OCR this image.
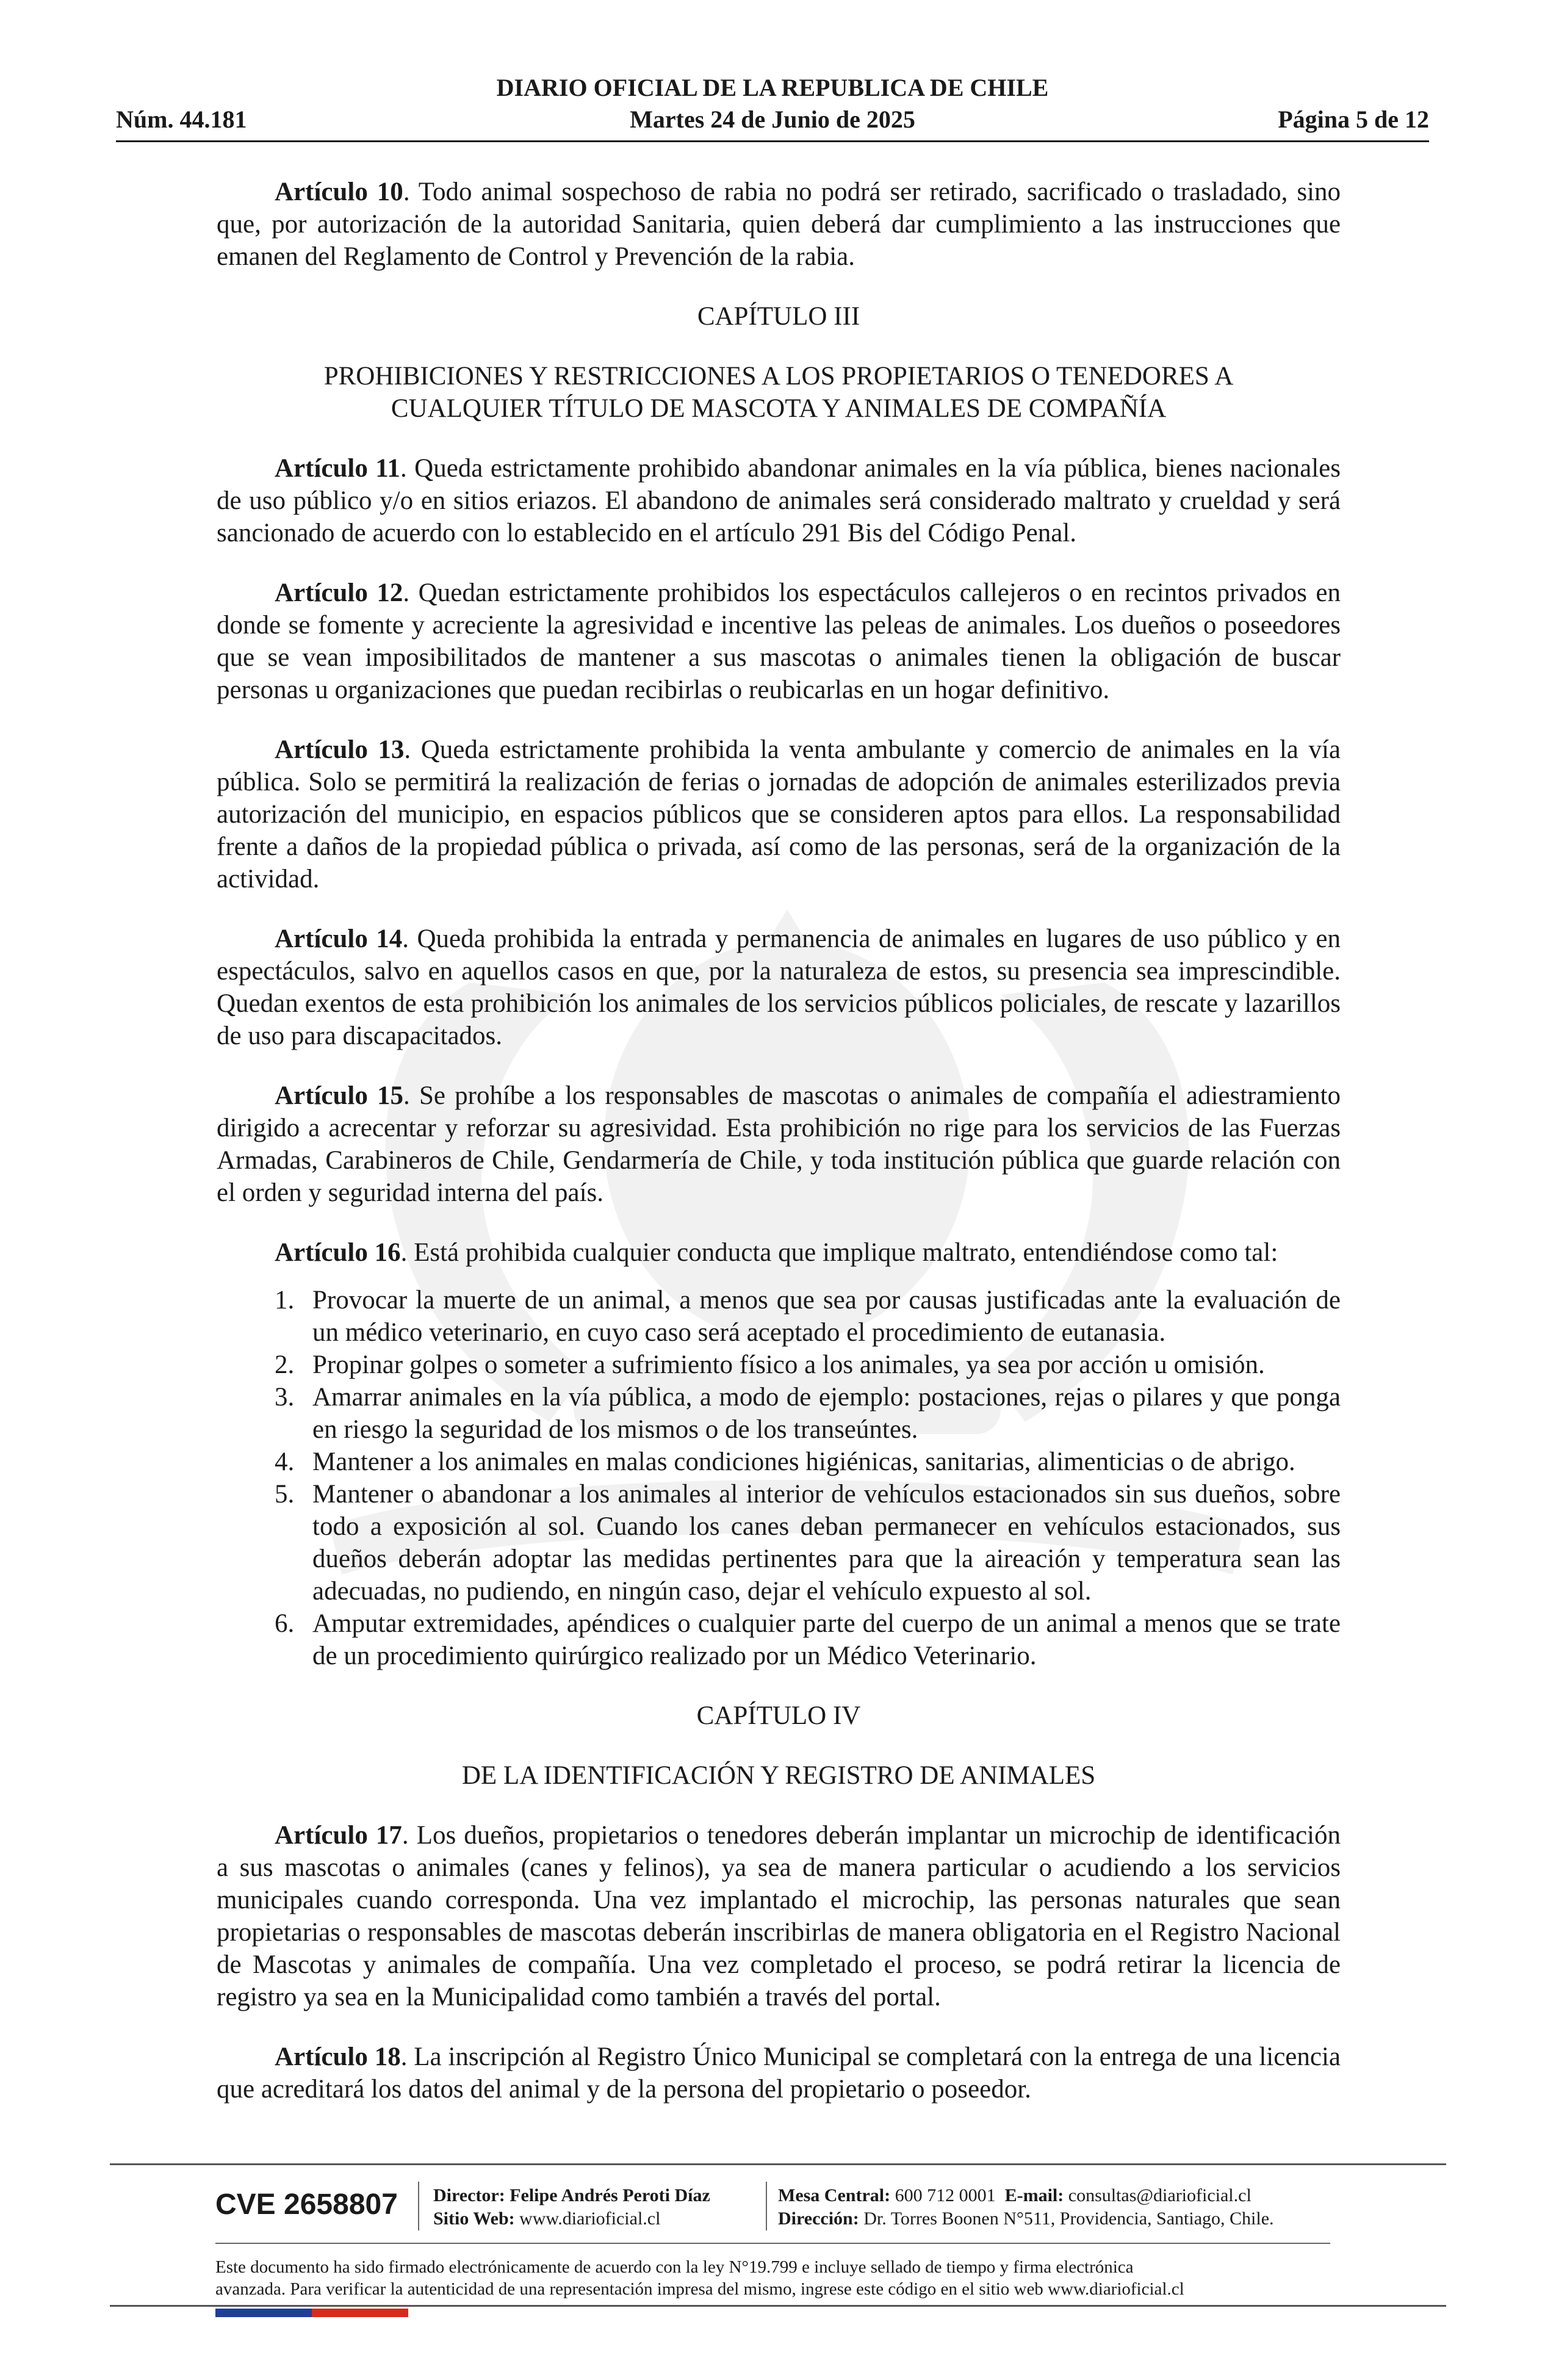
DIARIO OFICIAL DE LA REPUBLICA DE CHILE
Núm. 44.181	Martes 24 de Junio de 2025	Página 5 de 12

Artículo 10. Todo animal sospechoso de rabia no podrá ser retirado, sacrificado o trasladado, sino que, por autorización de la autoridad Sanitaria, quien deberá dar cumplimiento a las instrucciones que emanen del Reglamento de Control y Prevención de la rabia.

CAPÍTULO III
PROHIBICIONES Y RESTRICCIONES A LOS PROPIETARIOS O TENEDORES A
CUALQUIER TÍTULO DE MASCOTA Y ANIMALES DE COMPAÑÍA

Artículo 11. Queda estrictamente prohibido abandonar animales en la vía pública, bienes nacionales de uso público y/o en sitios eriazos. El abandono de animales será considerado maltrato y crueldad y será sancionado de acuerdo con lo establecido en el artículo 291 Bis del Código Penal.

Artículo 12. Quedan estrictamente prohibidos los espectáculos callejeros o en recintos privados en donde se fomente y acreciente la agresividad e incentive las peleas de animales. Los dueños o poseedores que se vean imposibilitados de mantener a sus mascotas o animales tienen la obligación de buscar personas u organizaciones que puedan recibirlas o reubicarlas en un hogar definitivo.

Artículo 13. Queda estrictamente prohibida la venta ambulante y comercio de animales en la vía pública. Solo se permitirá la realización de ferias o jornadas de adopción de animales esterilizados previa autorización del municipio, en espacios públicos que se consideren aptos para ellos. La responsabilidad frente a daños de la propiedad pública o privada, así como de las personas, será de la organización de la actividad.

Artículo 14. Queda prohibida la entrada y permanencia de animales en lugares de uso público y en espectáculos, salvo en aquellos casos en que, por la naturaleza de estos, su presencia sea imprescindible. Quedan exentos de esta prohibición los animales de los servicios públicos policiales, de rescate y lazarillos de uso para discapacitados.

Artículo 15. Se prohíbe a los responsables de mascotas o animales de compañía el adiestramiento dirigido a acrecentar y reforzar su agresividad. Esta prohibición no rige para los servicios de las Fuerzas Armadas, Carabineros de Chile, Gendarmería de Chile, y toda institución pública que guarde relación con el orden y seguridad interna del país.

Artículo 16. Está prohibida cualquier conducta que implique maltrato, entendiéndose como tal:

1. Provocar la muerte de un animal, a menos que sea por causas justificadas ante la evaluación de un médico veterinario, en cuyo caso será aceptado el procedimiento de eutanasia.
2. Propinar golpes o someter a sufrimiento físico a los animales, ya sea por acción u omisión.
3. Amarrar animales en la vía pública, a modo de ejemplo: postaciones, rejas o pilares y que ponga en riesgo la seguridad de los mismos o de los transeúntes.
4. Mantener a los animales en malas condiciones higiénicas, sanitarias, alimenticias o de abrigo.
5. Mantener o abandonar a los animales al interior de vehículos estacionados sin sus dueños, sobre todo a exposición al sol. Cuando los canes deban permanecer en vehículos estacionados, sus dueños deberán adoptar las medidas pertinentes para que la aireación y temperatura sean las adecuadas, no pudiendo, en ningún caso, dejar el vehículo expuesto al sol.
6. Amputar extremidades, apéndices o cualquier parte del cuerpo de un animal a menos que se trate de un procedimiento quirúrgico realizado por un Médico Veterinario.
CAPÍTULO IV
DE LA IDENTIFICACIÓN Y REGISTRO DE ANIMALES

Artículo 17. Los dueños, propietarios o tenedores deberán implantar un microchip de identificación a sus mascotas o animales (canes y felinos), ya sea de manera particular o acudiendo a los servicios municipales cuando corresponda. Una vez implantado el microchip, las personas naturales que sean propietarias o responsables de mascotas deberán inscribirlas de manera obligatoria en el Registro Nacional de Mascotas y animales de compañía. Una vez completado el proceso, se podrá retirar la licencia de registro ya sea en la Municipalidad como también a través del portal.

Artículo 18. La inscripción al Registro Único Municipal se completará con la entrega de una licencia que acreditará los datos del animal y de la persona del propietario o poseedor.

CVE 2658807 Director: Felipe Andrés Peroti Díaz
Sitio Web: www.diarioficial.cl
Mesa Central: 600 712 0001 E-mail: consultas@diarioficial.cl
Dirección: Dr. Torres Boonen N°511, Providencia, Santiago, Chile.
Este documento ha sido firmado electrónicamente de acuerdo con la ley N°19.799 e incluye sellado de tiempo y firma electrónica
avanzada. Para verificar la autenticidad de una representación impresa del mismo, ingrese este código en el sitio web www.diarioficial.cl
